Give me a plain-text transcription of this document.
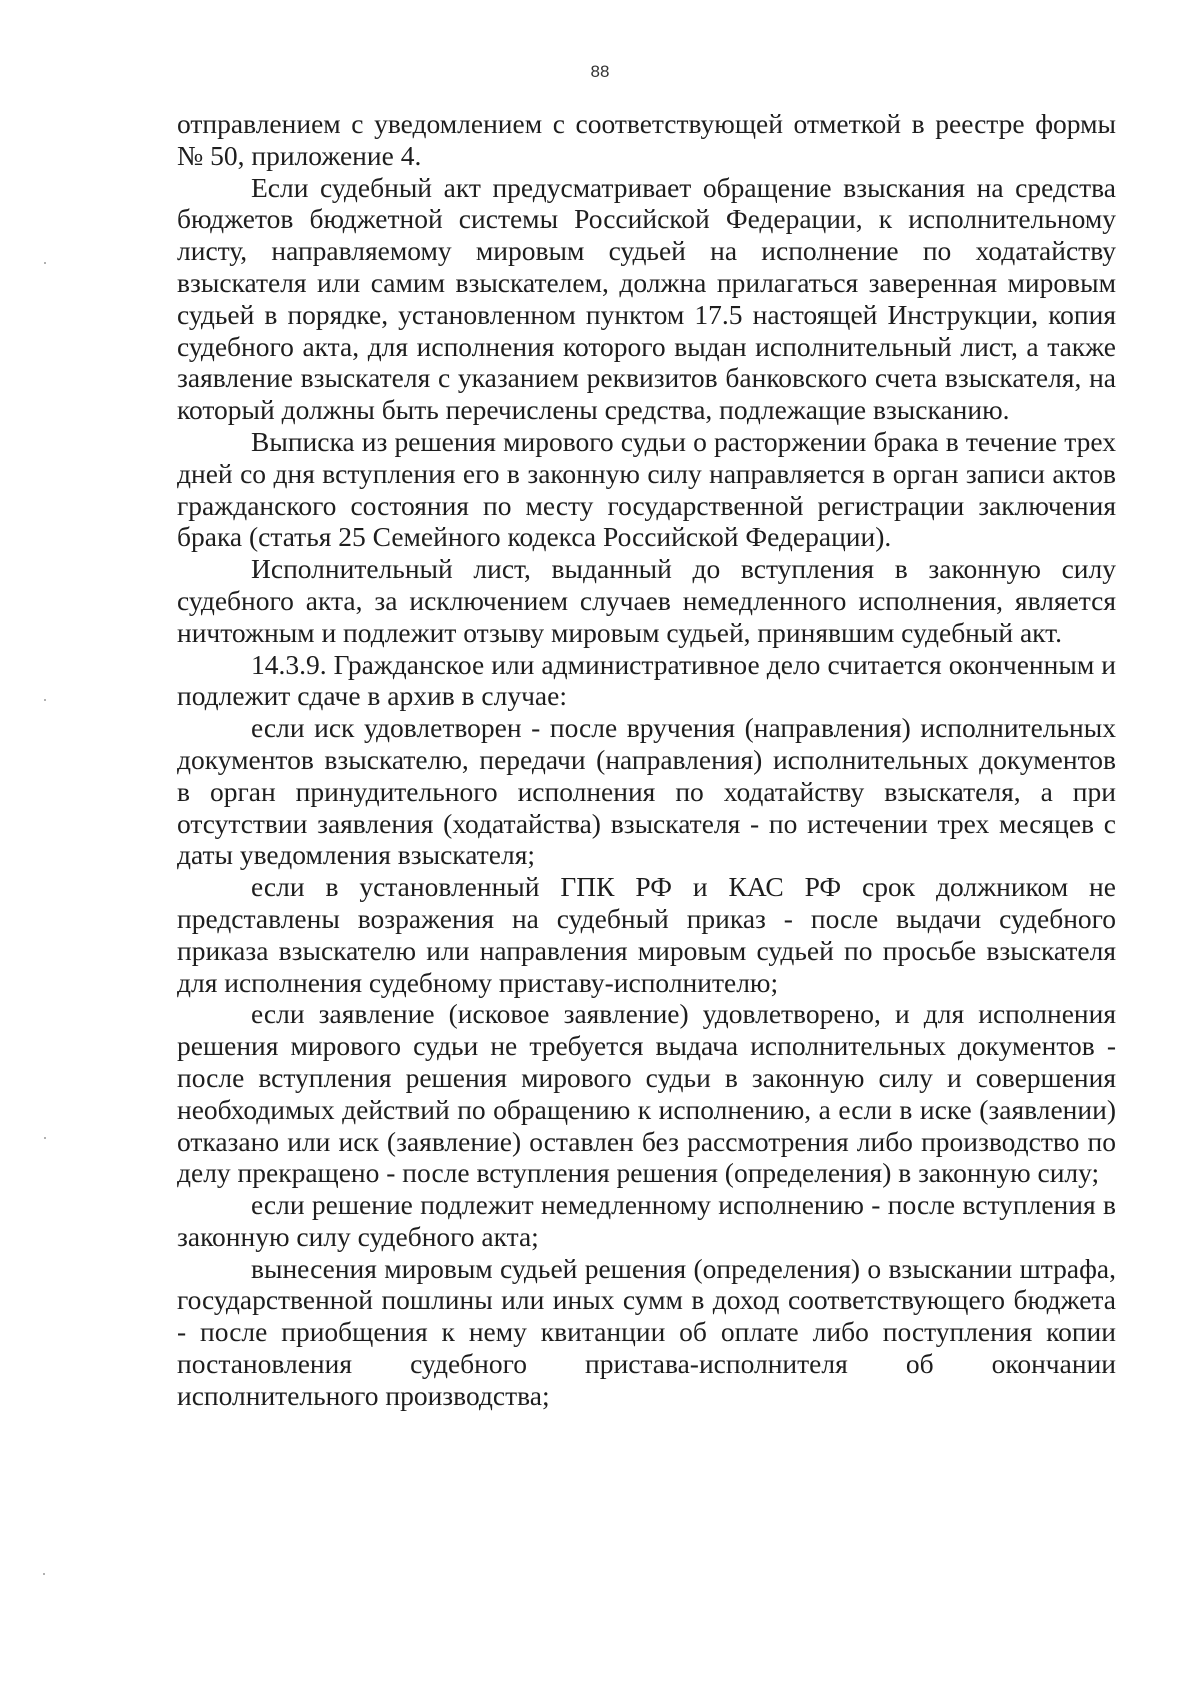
88

отправлением с уведомлением с соответствующей отметкой в реестре формы № 50, приложение 4.

Если судебный акт предусматривает обращение взыскания на средства бюджетов бюджетной системы Российской Федерации, к исполнительному листу, направляемому мировым судьей на исполнение по ходатайству взыскателя или самим взыскателем, должна прилагаться заверенная мировым судьей в порядке, установленном пунктом 17.5 настоящей Инструкции, копия судебного акта, для исполнения которого выдан исполнительный лист, а также заявление взыскателя с указанием реквизитов банковского счета взыскателя, на который должны быть перечислены средства, подлежащие взысканию.

Выписка из решения мирового судьи о расторжении брака в течение трех дней со дня вступления его в законную силу направляется в орган записи актов гражданского состояния по месту государственной регистрации заключения брака (статья 25 Семейного кодекса Российской Федерации).

Исполнительный лист, выданный до вступления в законную силу судебного акта, за исключением случаев немедленного исполнения, является ничтожным и подлежит отзыву мировым судьей, принявшим судебный акт.

14.3.9. Гражданское или административное дело считается оконченным и подлежит сдаче в архив в случае:

если иск удовлетворен - после вручения (направления) исполнительных документов взыскателю, передачи (направления) исполнительных документов в орган принудительного исполнения по ходатайству взыскателя, а при отсутствии заявления (ходатайства) взыскателя - по истечении трех месяцев с даты уведомления взыскателя;

если в установленный ГПК РФ и КАС РФ срок должником не представлены возражения на судебный приказ - после выдачи судебного приказа взыскателю или направления мировым судьей по просьбе взыскателя для исполнения судебному приставу-исполнителю;

если заявление (исковое заявление) удовлетворено, и для исполнения решения мирового судьи не требуется выдача исполнительных документов - после вступления решения мирового судьи в законную силу и совершения необходимых действий по обращению к исполнению, а если в иске (заявлении) отказано или иск (заявление) оставлен без рассмотрения либо производство по делу прекращено - после вступления решения (определения) в законную силу;

если решение подлежит немедленному исполнению - после вступления в законную силу судебного акта;

вынесения мировым судьей решения (определения) о взыскании штрафа, государственной пошлины или иных сумм в доход соответствующего бюджета - после приобщения к нему квитанции об оплате либо поступления копии постановления судебного пристава-исполнителя об окончании исполнительного производства;
